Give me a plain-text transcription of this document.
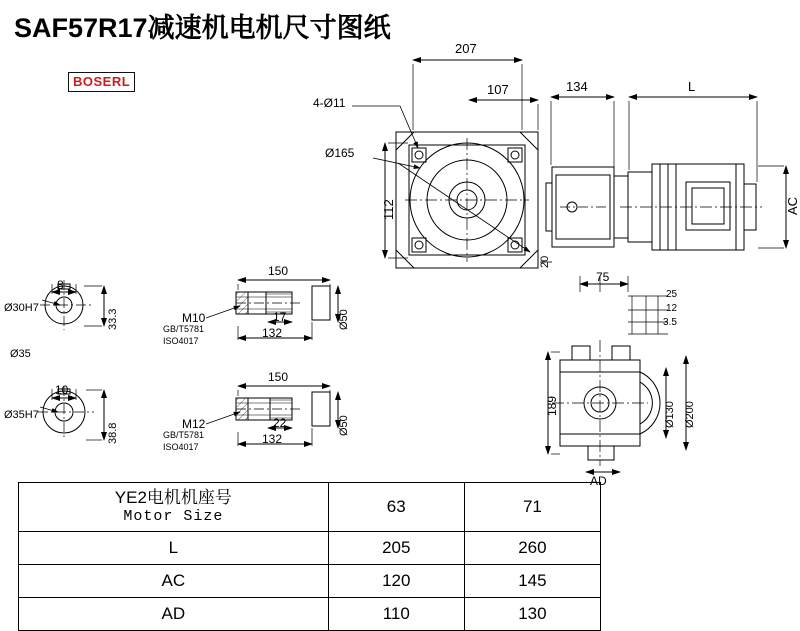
SAF57R17减速机电机尺寸图纸
BOSERL
207
107	134	L
AC
4-Ø11
Ø165
112
20
75
25
12
3.5
189	Ø130 Ø200
AD
8
Ø30H7
33.3
Ø35
10
Ø35H7
38.8
150
17
132
Ø50
M10
GB/T5781
ISO4017
150
22
132
Ø50
M12
GB/T5781
ISO4017
YE2电机机座号
Motor Size	63	71
L	205	260
AC	120	145
AD	110	130
